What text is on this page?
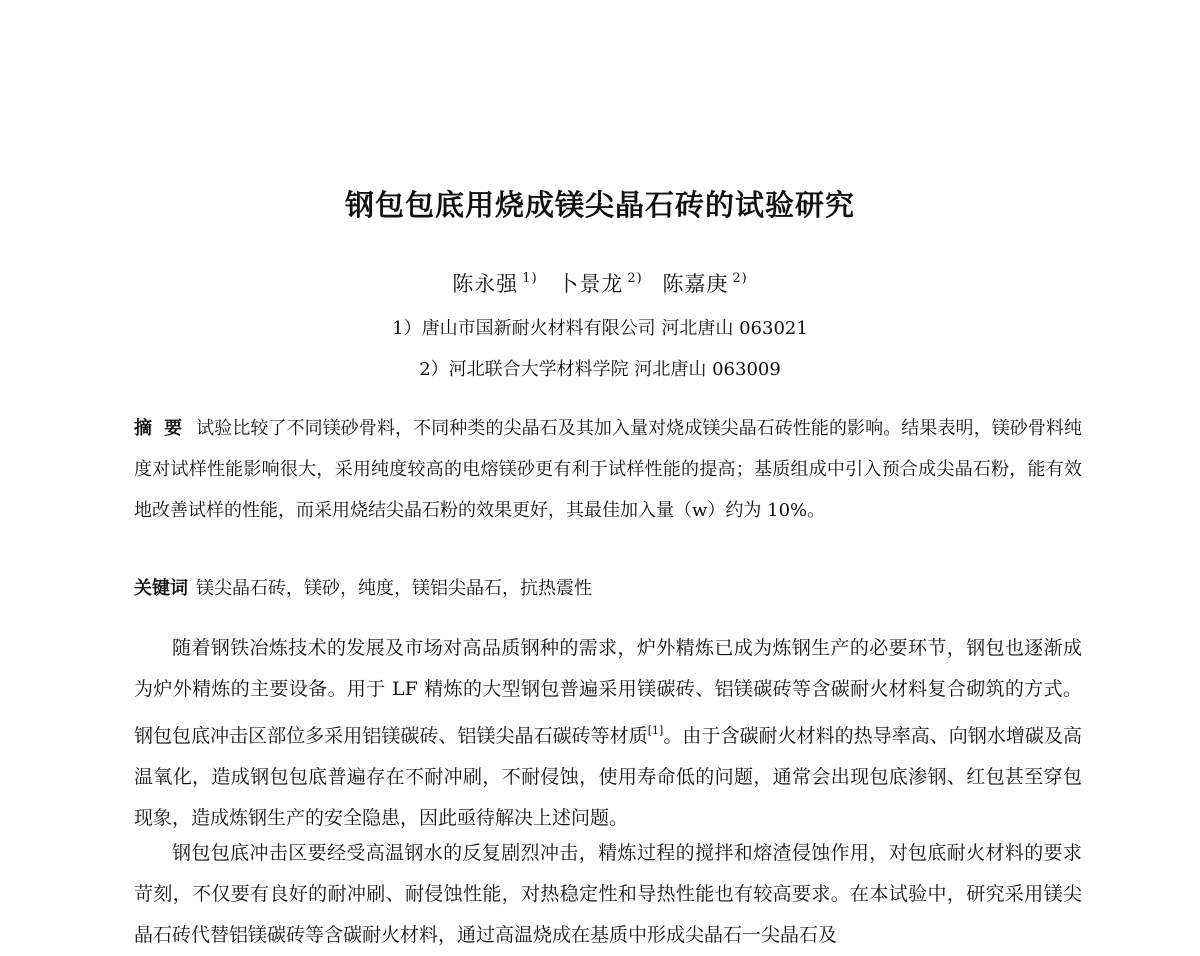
钢包包底用烧成镁尖晶石砖的试验研究
陈永强 $^{1)}$ 卜景龙 $^{2)}$ 陈嘉庚 $^{2)}$
1）唐山市国新耐火材料有限公司 河北唐山 063021
2）河北联合大学材料学院 河北唐山 063009

摘要 试验比较了不同镁砂骨料，不同种类的尖晶石及其加入量对烧成镁尖晶石砖性能的影响。结果表明，镁砂骨料纯度对试样性能影响很大，采用纯度较高的电熔镁砂更有利于试样性能的提高；基质组成中引入预合成尖晶石粉，能有效地改善试样的性能，而采用烧结尖晶石粉的效果更好，其最佳加入量（w）约为 10%。

关键词 镁尖晶石砖，镁砂，纯度，镁铝尖晶石，抗热震性

随着钢铁冶炼技术的发展及市场对高品质钢种的需求，炉外精炼已成为炼钢生产的必要环节，钢包也逐渐成为炉外精炼的主要设备。用于 LF 精炼的大型钢包普遍采用镁碳砖、铝镁碳砖等含碳耐火材料复合砌筑的方式。钢包包底冲击区部位多采用铝镁碳砖、铝镁尖晶石碳砖等材质[1]。由于含碳耐火材料的热导率高、向钢水增碳及高温氧化，造成钢包包底普遍存在不耐冲刷，不耐侵蚀，使用寿命低的问题，通常会出现包底渗钢、红包甚至穿包现象，造成炼钢生产的安全隐患，因此亟待解决上述问题。

钢包包底冲击区要经受高温钢水的反复剧烈冲击，精炼过程的搅拌和熔渣侵蚀作用，对包底耐火材料的要求苛刻，不仅要有良好的耐冲刷、耐侵蚀性能，对热稳定性和导热性能也有较高要求。在本试验中，研究采用镁尖晶石砖代替铝镁碳砖等含碳耐火材料，通过高温烧成在基质中形成尖晶石一尖晶石及
